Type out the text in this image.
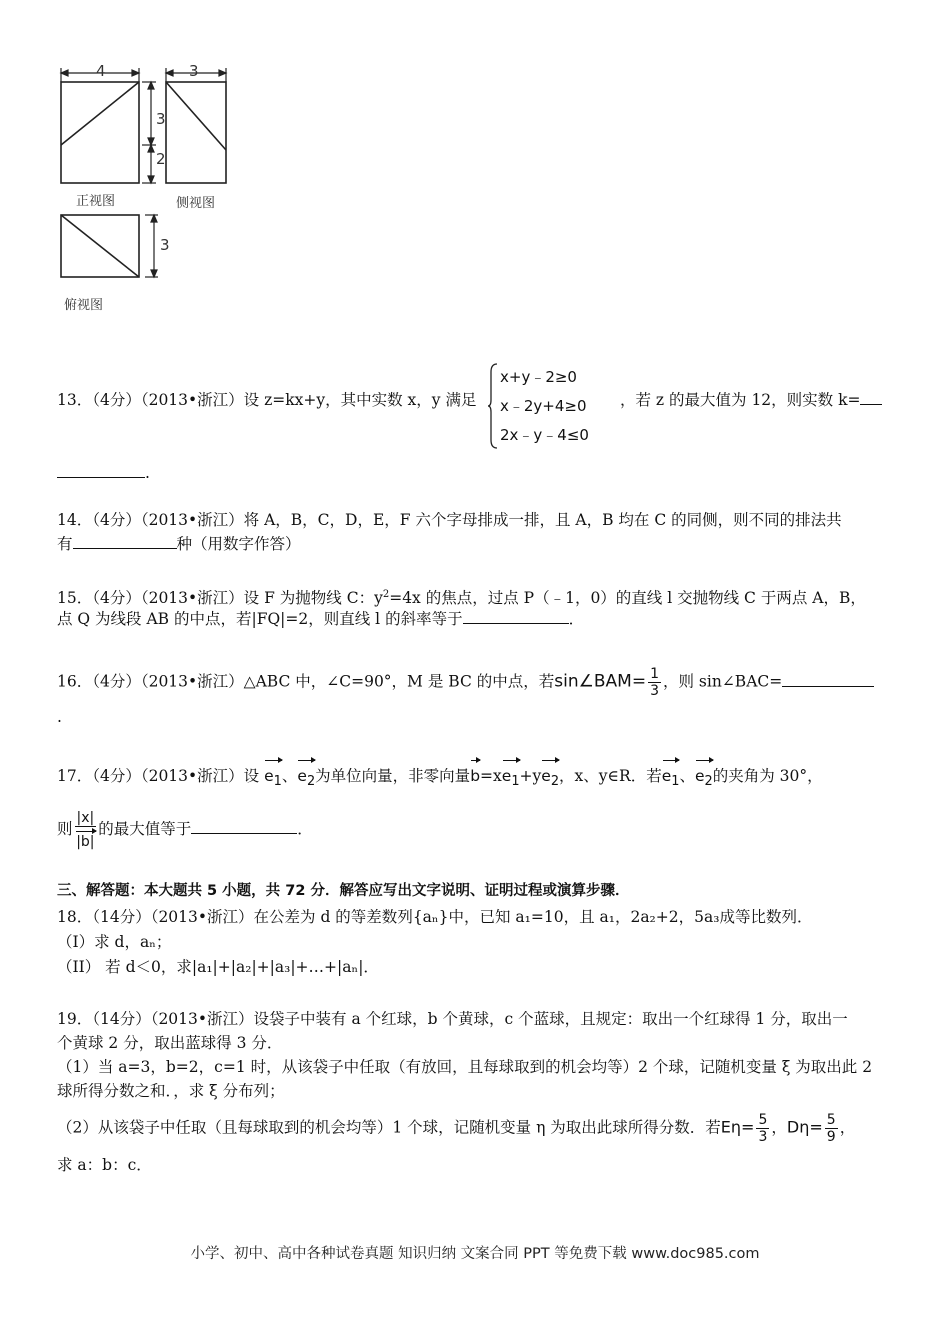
4	3
3
2
3
正视图	侧视图
俯视图
13．（4分）（2013•浙江）设 z=kx+y，其中实数 x，y 满足
x+y﹣2≥0
x﹣2y+4≥0
2x﹣y﹣4≤0
，若 z 的最大值为 12，则实数 k=
.
14．（4分）（2013•浙江）将 A，B，C，D，E，F 六个字母排成一排，且 A，B 均在 C 的同侧，则不同的排法共
有	种（用数字作答）
15．（4分）（2013•浙江）设 F 为抛物线 C：$y^2=4x$ 的焦点，过点 P（﹣1，0）的直线 l 交抛物线 C 于两点 A，B，
点 Q 为线段 AB 的中点，若|FQ|=2，则直线 l 的斜率等于	．
16．（4分）（2013•浙江）△ABC 中，∠C=90°，M 是 BC 的中点，若sin∠BAM= $\frac{1}{3}$ ，则 sin∠BAC=
.
17．（4分）（2013•浙江）设 $e_1$、$e_2$为单位向量，非零向量$b=xe_1+ye_2$，x、y∈R．若$e_1$、$e_2$的夹角为 30°，
则 $\frac{|x|}{|b|}$ 的最大值等于	．
三、解答题：本大题共 5 小题，共 72 分．解答应写出文字说明、证明过程或演算步骤．
18．（14分）（2013•浙江）在公差为 d 的等差数列{aₙ}中，已知 a₁=10，且 a₁，2a₂+2，5a₃成等比数列．
（I）求 d，aₙ；
（II） 若 d＜0，求|a₁|+|a₂|+|a₃|+…+|aₙ|．
19．（14分）（2013•浙江）设袋子中装有 a 个红球，b 个黄球，c 个蓝球，且规定：取出一个红球得 1 分，取出一
个黄球 2 分，取出蓝球得 3 分．
（1）当 a=3，b=2，c=1 时，从该袋子中任取（有放回，且每球取到的机会均等）2 个球，记随机变量 ξ 为取出此 2
球所得分数之和．，求 ξ 分布列；
（2）从该袋子中任取（且每球取到的机会均等）1 个球，记随机变量 η 为取出此球所得分数．若$E\eta= \frac{5}{3}$ ，$D\eta= \frac{5}{9}$ ，
求 a：b：c．
小学、初中、高中各种试卷真题 知识归纳 文案合同 PPT 等免费下载 www.doc985.com
